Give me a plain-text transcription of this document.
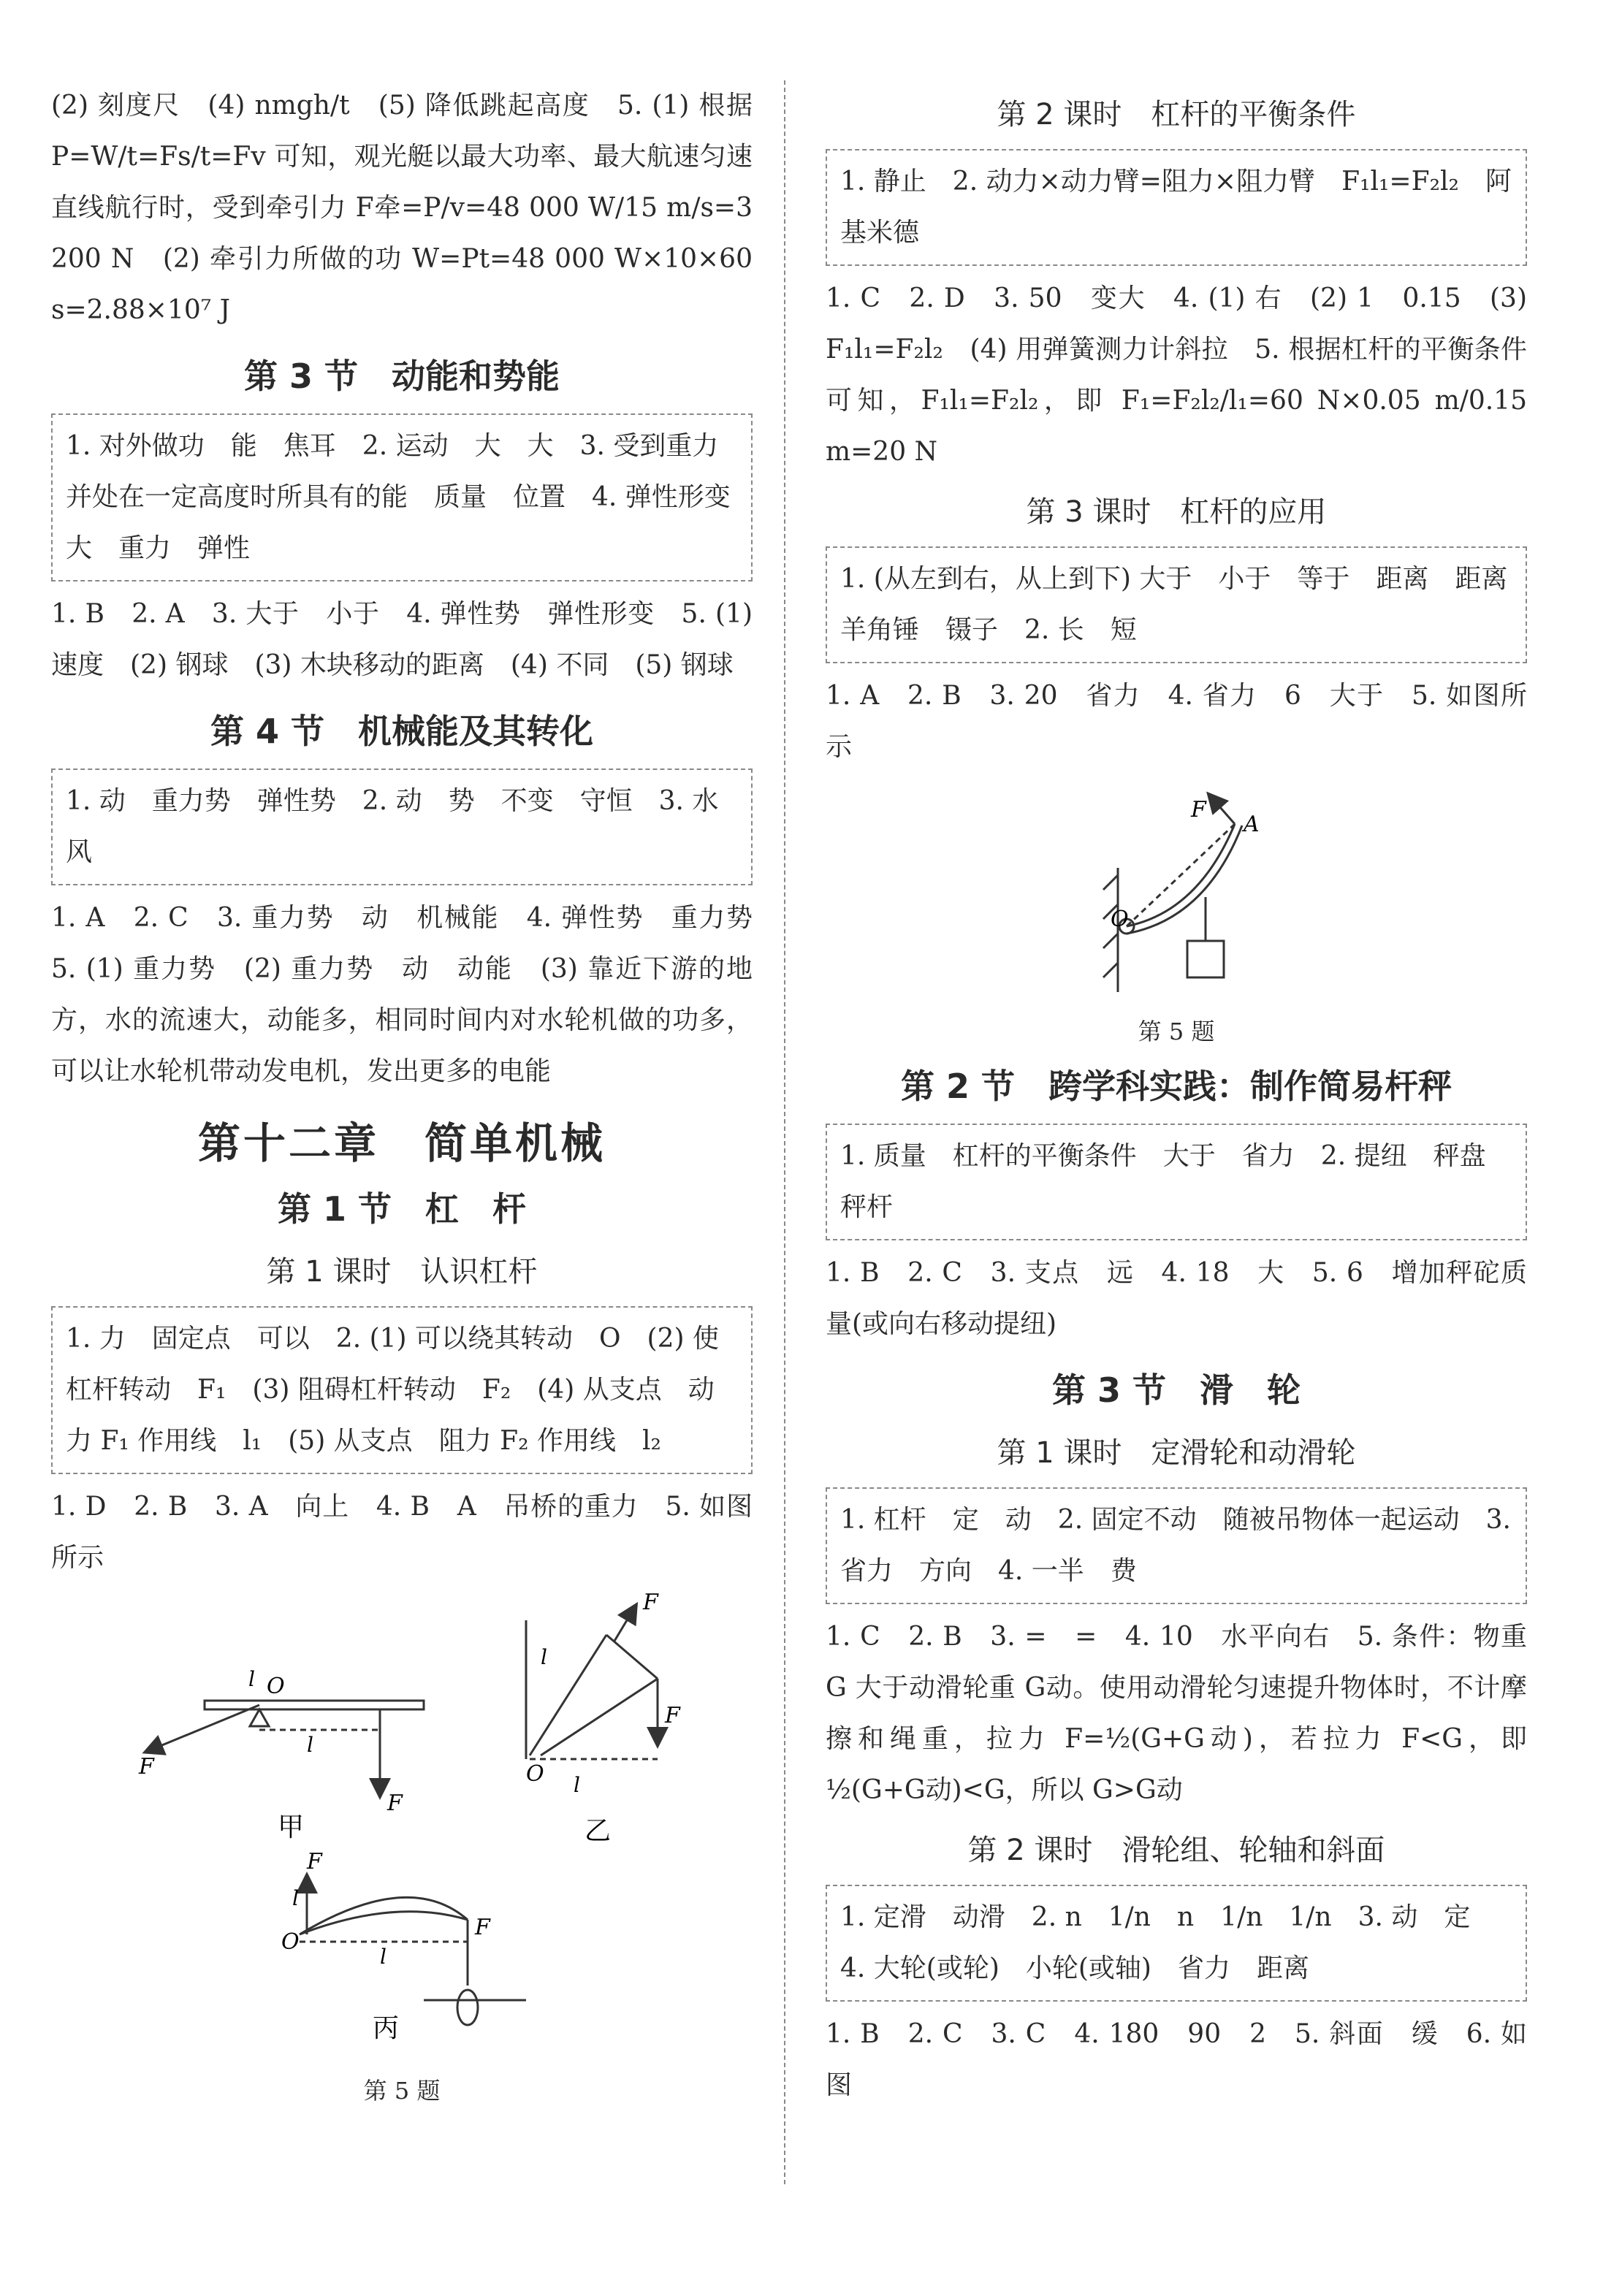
(2) 刻度尺　(4) nmgh/t　(5) 降低跳起高度　5. (1) 根据 P=W/t=Fs/t=Fv 可知，观光艇以最大功率、最大航速匀速直线航行时，受到牵引力 F牵=P/v=48 000 W/15 m/s=3 200 N　(2) 牵引力所做的功 W=Pt=48 000 W×10×60 s=2.88×10⁷ J

第 3 节　动能和势能
1. 对外做功　能　焦耳　2. 运动　大　大　3. 受到重力并处在一定高度时所具有的能　质量　位置　4. 弹性形变　大　重力　弹性

1. B　2. A　3. 大于　小于　4. 弹性势　弹性形变　5. (1) 速度　(2) 钢球　(3) 木块移动的距离　(4) 不同　(5) 钢球

第 4 节　机械能及其转化
1. 动　重力势　弹性势　2. 动　势　不变　守恒　3. 水　风

1. A　2. C　3. 重力势　动　机械能　4. 弹性势　重力势　5. (1) 重力势　(2) 重力势　动　动能　(3) 靠近下游的地方，水的流速大，动能多，相同时间内对水轮机做的功多，可以让水轮机带动发电机，发出更多的电能

第十二章　简单机械
第 1 节　杠　杆
第 1 课时　认识杠杆
1. 力　固定点　可以　2. (1) 可以绕其转动　O　(2) 使杠杆转动　F₁　(3) 阻碍杠杆转动　F₂　(4) 从支点　动力 F₁ 作用线　l₁　(5) 从支点　阻力 F₂ 作用线　l₂

1. D　2. B　3. A　向上　4. B　A　吊桥的重力　5. 如图所示

F
F
O
l
l
甲
F
F
O l
l
乙
F
F
O
l
l
丙
第 5 题
第 2 课时　杠杆的平衡条件
1. 静止　2. 动力×动力臂=阻力×阻力臂　F₁l₁=F₂l₂　阿基米德

1. C　2. D　3. 50　变大　4. (1) 右　(2) 1　0.15　(3) F₁l₁=F₂l₂　(4) 用弹簧测力计斜拉　5. 根据杠杆的平衡条件可知，F₁l₁=F₂l₂，即 F₁=F₂l₂/l₁=60 N×0.05 m/0.15 m=20 N

第 3 课时　杠杆的应用
1. (从左到右，从上到下) 大于　小于　等于　距离　距离　羊角锤　镊子　2. 长　短

1. A　2. B　3. 20　省力　4. 省力　6　大于　5. 如图所示

F
A
O
第 5 题
第 2 节　跨学科实践：制作简易杆秤
1. 质量　杠杆的平衡条件　大于　省力　2. 提纽　秤盘　秤杆

1. B　2. C　3. 支点　远　4. 18　大　5. 6　增加秤砣质量(或向右移动提纽)

第 3 节　滑　轮
第 1 课时　定滑轮和动滑轮
1. 杠杆　定　动　2. 固定不动　随被吊物体一起运动　3. 省力　方向　4. 一半　费

1. C　2. B　3. =　=　4. 10　水平向右　5. 条件：物重 G 大于动滑轮重 G动。使用动滑轮匀速提升物体时，不计摩擦和绳重，拉力 F=½(G+G动)，若拉力 F<G，即 ½(G+G动)<G，所以 G>G动

第 2 课时　滑轮组、轮轴和斜面
1. 定滑　动滑　2. n　1/n　n　1/n　1/n　3. 动　定　4. 大轮(或轮)　小轮(或轴)　省力　距离

1. B　2. C　3. C　4. 180　90　2　5. 斜面　缓　6. 如图
